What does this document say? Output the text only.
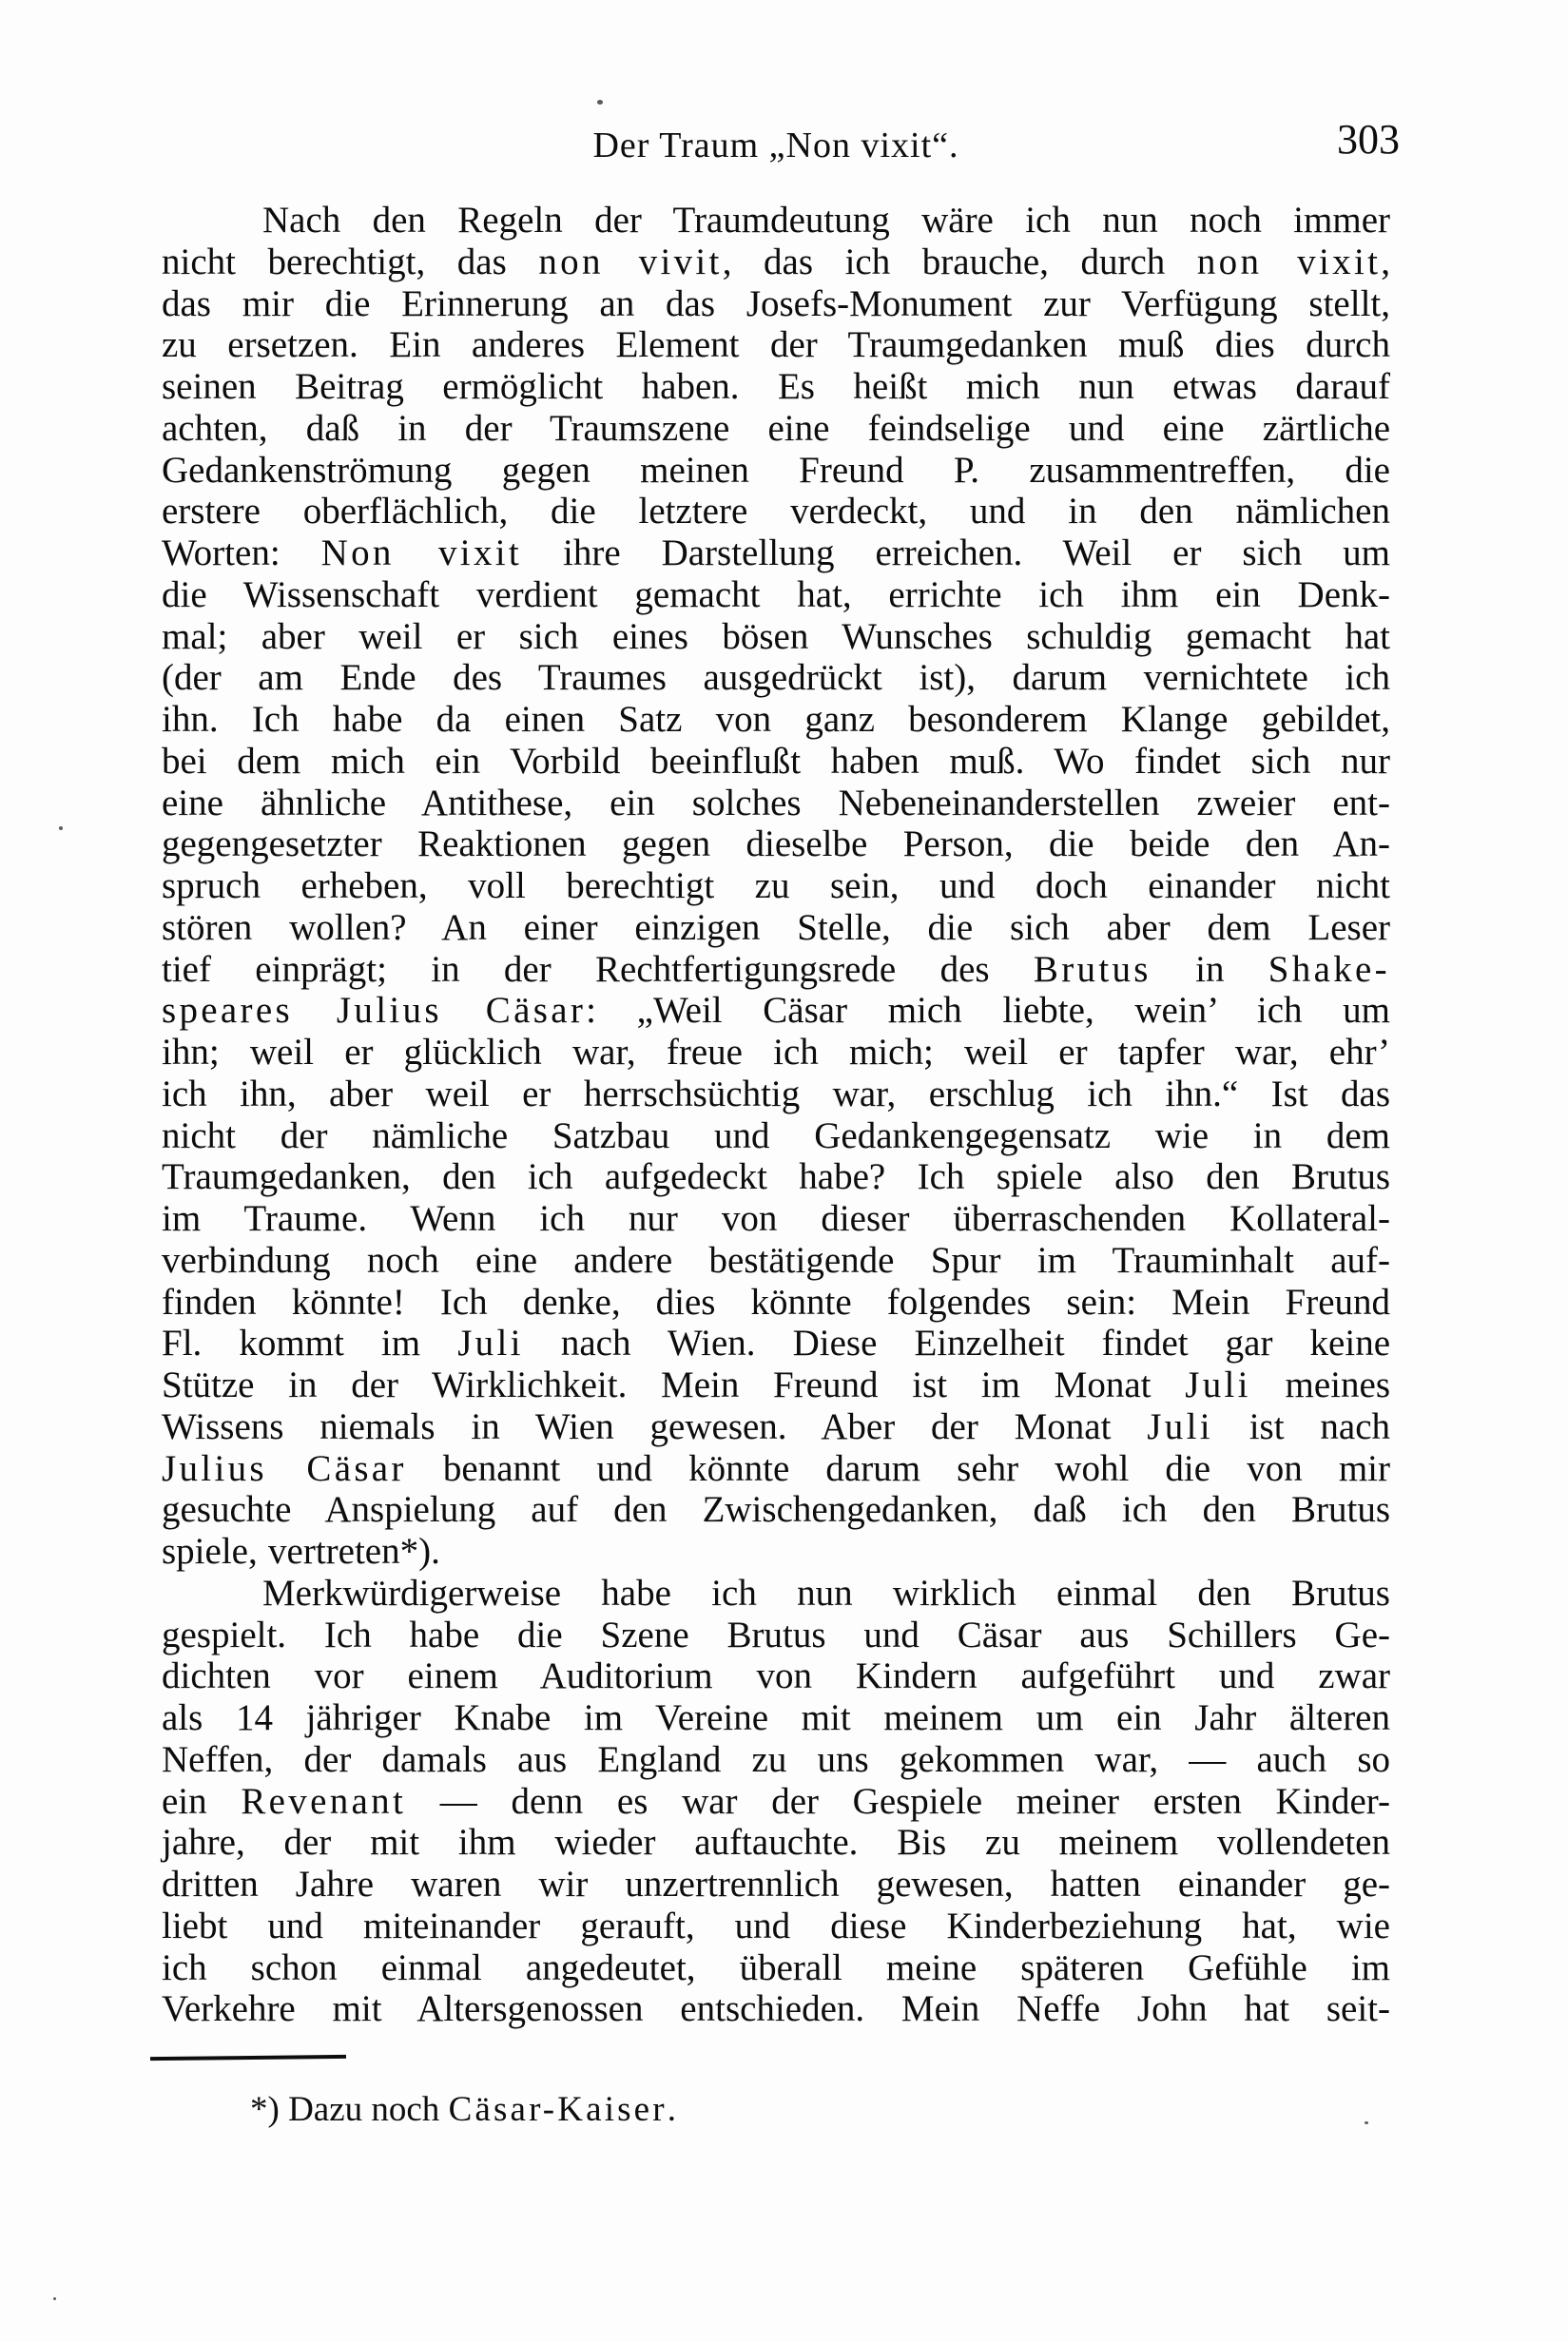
Der Traum „Non vixit“.	303
Nach den Regeln der Traumdeutung wäre ich nun noch immer
nicht berechtigt, das non vivit, das ich brauche, durch non vixit,
das mir die Erinnerung an das Josefs-Monument zur Verfügung stellt,
zu ersetzen. Ein anderes Element der Traumgedanken muß dies durch
seinen Beitrag ermöglicht haben. Es heißt mich nun etwas darauf
achten, daß in der Traumszene eine feindselige und eine zärtliche
Gedankenströmung gegen meinen Freund P. zusammentreffen, die
erstere oberflächlich, die letztere verdeckt, und in den nämlichen
Worten: Non vixit ihre Darstellung erreichen. Weil er sich um
die Wissenschaft verdient gemacht hat, errichte ich ihm ein Denk-
mal; aber weil er sich eines bösen Wunsches schuldig gemacht hat
(der am Ende des Traumes ausgedrückt ist), darum vernichtete ich
ihn. Ich habe da einen Satz von ganz besonderem Klange gebildet,
bei dem mich ein Vorbild beeinflußt haben muß. Wo findet sich nur
eine ähnliche Antithese, ein solches Nebeneinanderstellen zweier ent-
gegengesetzter Reaktionen gegen dieselbe Person, die beide den An-
spruch erheben, voll berechtigt zu sein, und doch einander nicht
stören wollen? An einer einzigen Stelle, die sich aber dem Leser
tief einprägt; in der Rechtfertigungsrede des Brutus in Shake-
speares Julius Cäsar: „Weil Cäsar mich liebte, wein’ ich um
ihn; weil er glücklich war, freue ich mich; weil er tapfer war, ehr’
ich ihn, aber weil er herrschsüchtig war, erschlug ich ihn.“ Ist das
nicht der nämliche Satzbau und Gedankengegensatz wie in dem
Traumgedanken, den ich aufgedeckt habe? Ich spiele also den Brutus
im Traume. Wenn ich nur von dieser überraschenden Kollateral-
verbindung noch eine andere bestätigende Spur im Trauminhalt auf-
finden könnte! Ich denke, dies könnte folgendes sein: Mein Freund
Fl. kommt im Juli nach Wien. Diese Einzelheit findet gar keine
Stütze in der Wirklichkeit. Mein Freund ist im Monat Juli meines
Wissens niemals in Wien gewesen. Aber der Monat Juli ist nach
Julius Cäsar benannt und könnte darum sehr wohl die von mir
gesuchte Anspielung auf den Zwischengedanken, daß ich den Brutus
spiele, vertreten*).
Merkwürdigerweise habe ich nun wirklich einmal den Brutus
gespielt. Ich habe die Szene Brutus und Cäsar aus Schillers Ge-
dichten vor einem Auditorium von Kindern aufgeführt und zwar
als 14 jähriger Knabe im Vereine mit meinem um ein Jahr älteren
Neffen, der damals aus England zu uns gekommen war, — auch so
ein Revenant — denn es war der Gespiele meiner ersten Kinder-
jahre, der mit ihm wieder auftauchte. Bis zu meinem vollendeten
dritten Jahre waren wir unzertrennlich gewesen, hatten einander ge-
liebt und miteinander gerauft, und diese Kinderbeziehung hat, wie
ich schon einmal angedeutet, überall meine späteren Gefühle im
Verkehre mit Altersgenossen entschieden. Mein Neffe John hat seit-
*) Dazu noch Cäsar-Kaiser.
